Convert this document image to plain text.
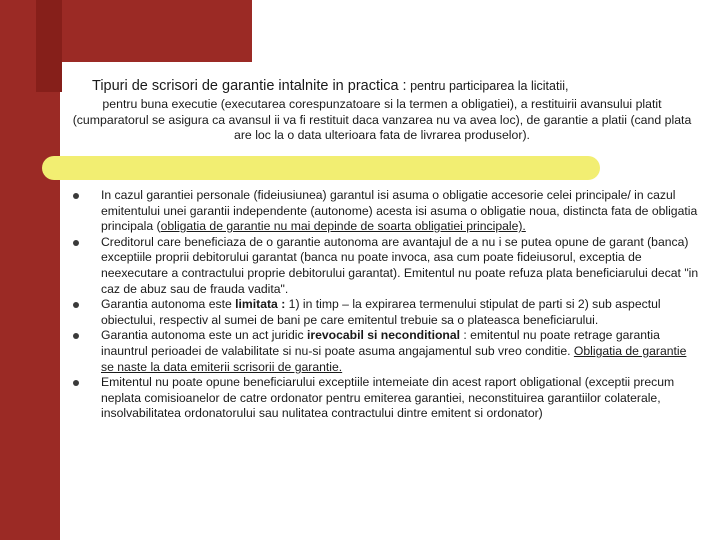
Tipuri de scrisori de garantie intalnite in practica : pentru participarea la licitatii,
pentru buna executie (executarea corespunzatoare si la termen a obligatiei), a restituirii avansului platit (cumparatorul se asigura ca avansul ii va fi restituit daca vanzarea nu va avea loc), de garantie a platii (cand plata are loc la o data ulterioara fata de livrarea produselor).
In cazul garantiei personale (fideiusiunea) garantul isi asuma o obligatie accesorie celei principale/ in cazul emitentului unei garantii independente (autonome) acesta isi asuma o obligatie noua, distincta fata de obligatia principala (obligatia de garantie nu mai depinde de soarta obligatiei principale).
Creditorul care beneficiaza de o garantie autonoma are avantajul de a nu i se putea opune de garant (banca) exceptiile proprii debitorului garantat (banca nu poate invoca, asa cum poate fideiusorul, exceptia de neexecutare a contractului proprie debitorului garantat). Emitentul nu poate refuza plata beneficiarului decat "in caz de abuz sau de frauda vadita".
Garantia autonoma este limitata : 1) in timp – la expirarea termenului stipulat de parti si 2) sub aspectul obiectului, respectiv al sumei de bani pe care emitentul trebuie sa o plateasca beneficiarului.
Garantia autonoma este un act juridic irevocabil si neconditional : emitentul nu poate retrage garantia inauntrul perioadei de valabilitate si nu-si poate asuma angajamentul sub vreo conditie. Obligatia de garantie se naste la data emiterii scrisorii de garantie.
Emitentul nu poate opune beneficiarului exceptiile intemeiate din acest raport obligational (exceptii precum neplata comisioanelor de catre ordonator pentru emiterea garantiei, neconstituirea garantiilor colaterale, insolvabilitatea ordonatorului sau nulitatea contractului dintre emitent si ordonator)
